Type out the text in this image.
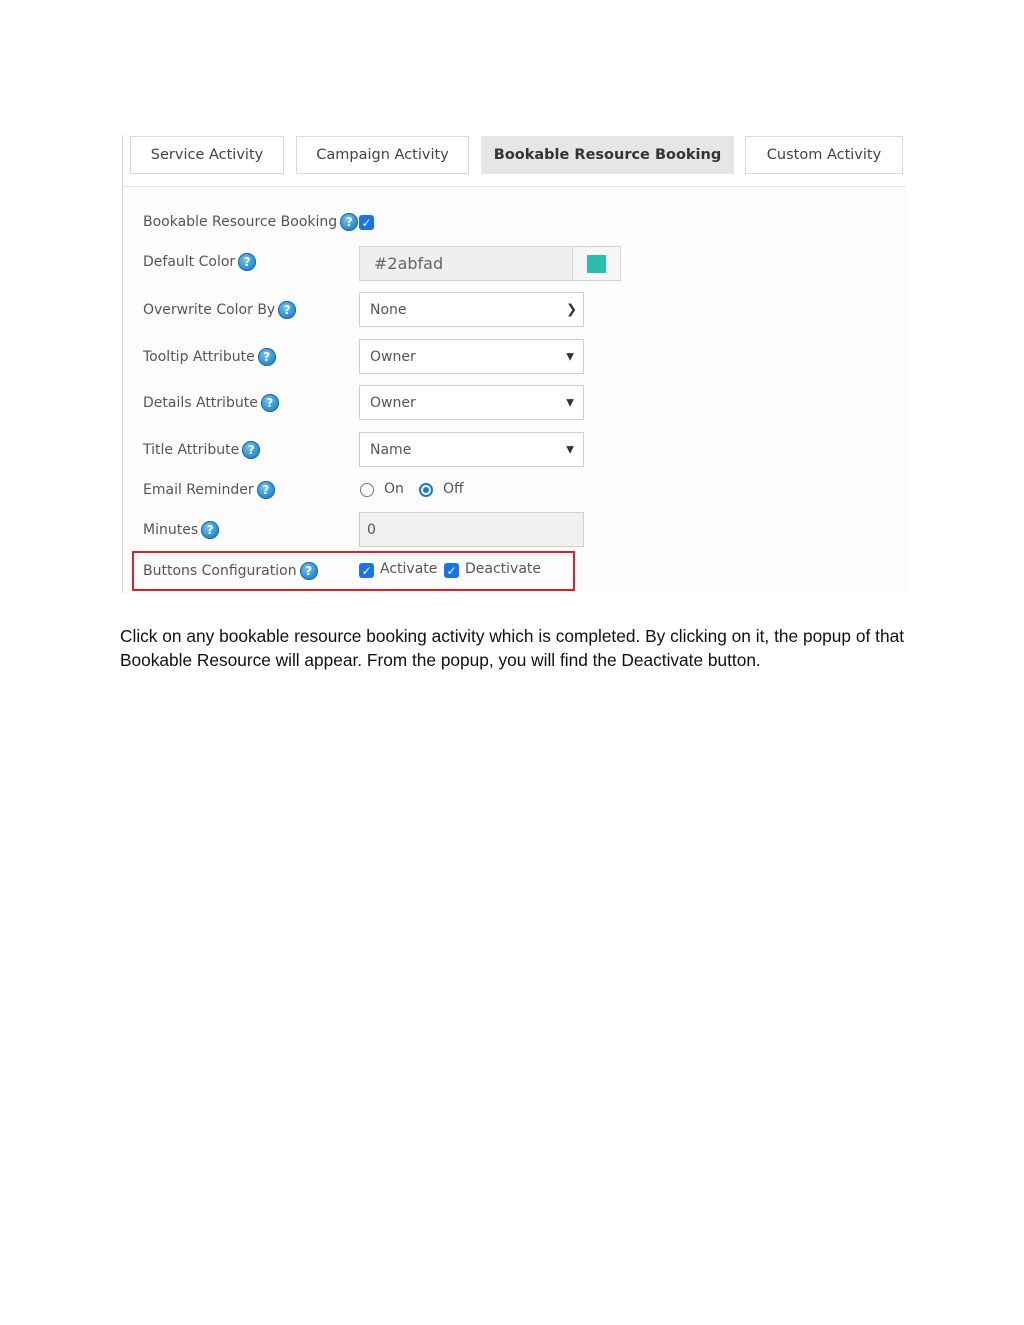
Service Activity	Campaign Activity	Bookable Resource Booking	Custom Activity
Bookable Resource Booking ? ✓
Default Color ?	#2abfad
Overwrite Color By ?	None	❯
Tooltip Attribute ?	Owner	▼
Details Attribute ?	Owner	▼
Title Attribute ?	Name	▼
Email Reminder ?	On	Off
Minutes ?	0
Buttons Configuration ?	✓ Activate ✓ Deactivate

Click on any bookable resource booking activity which is completed. By clicking on it, the popup of that Bookable Resource will appear. From the popup, you will find the Deactivate button.
